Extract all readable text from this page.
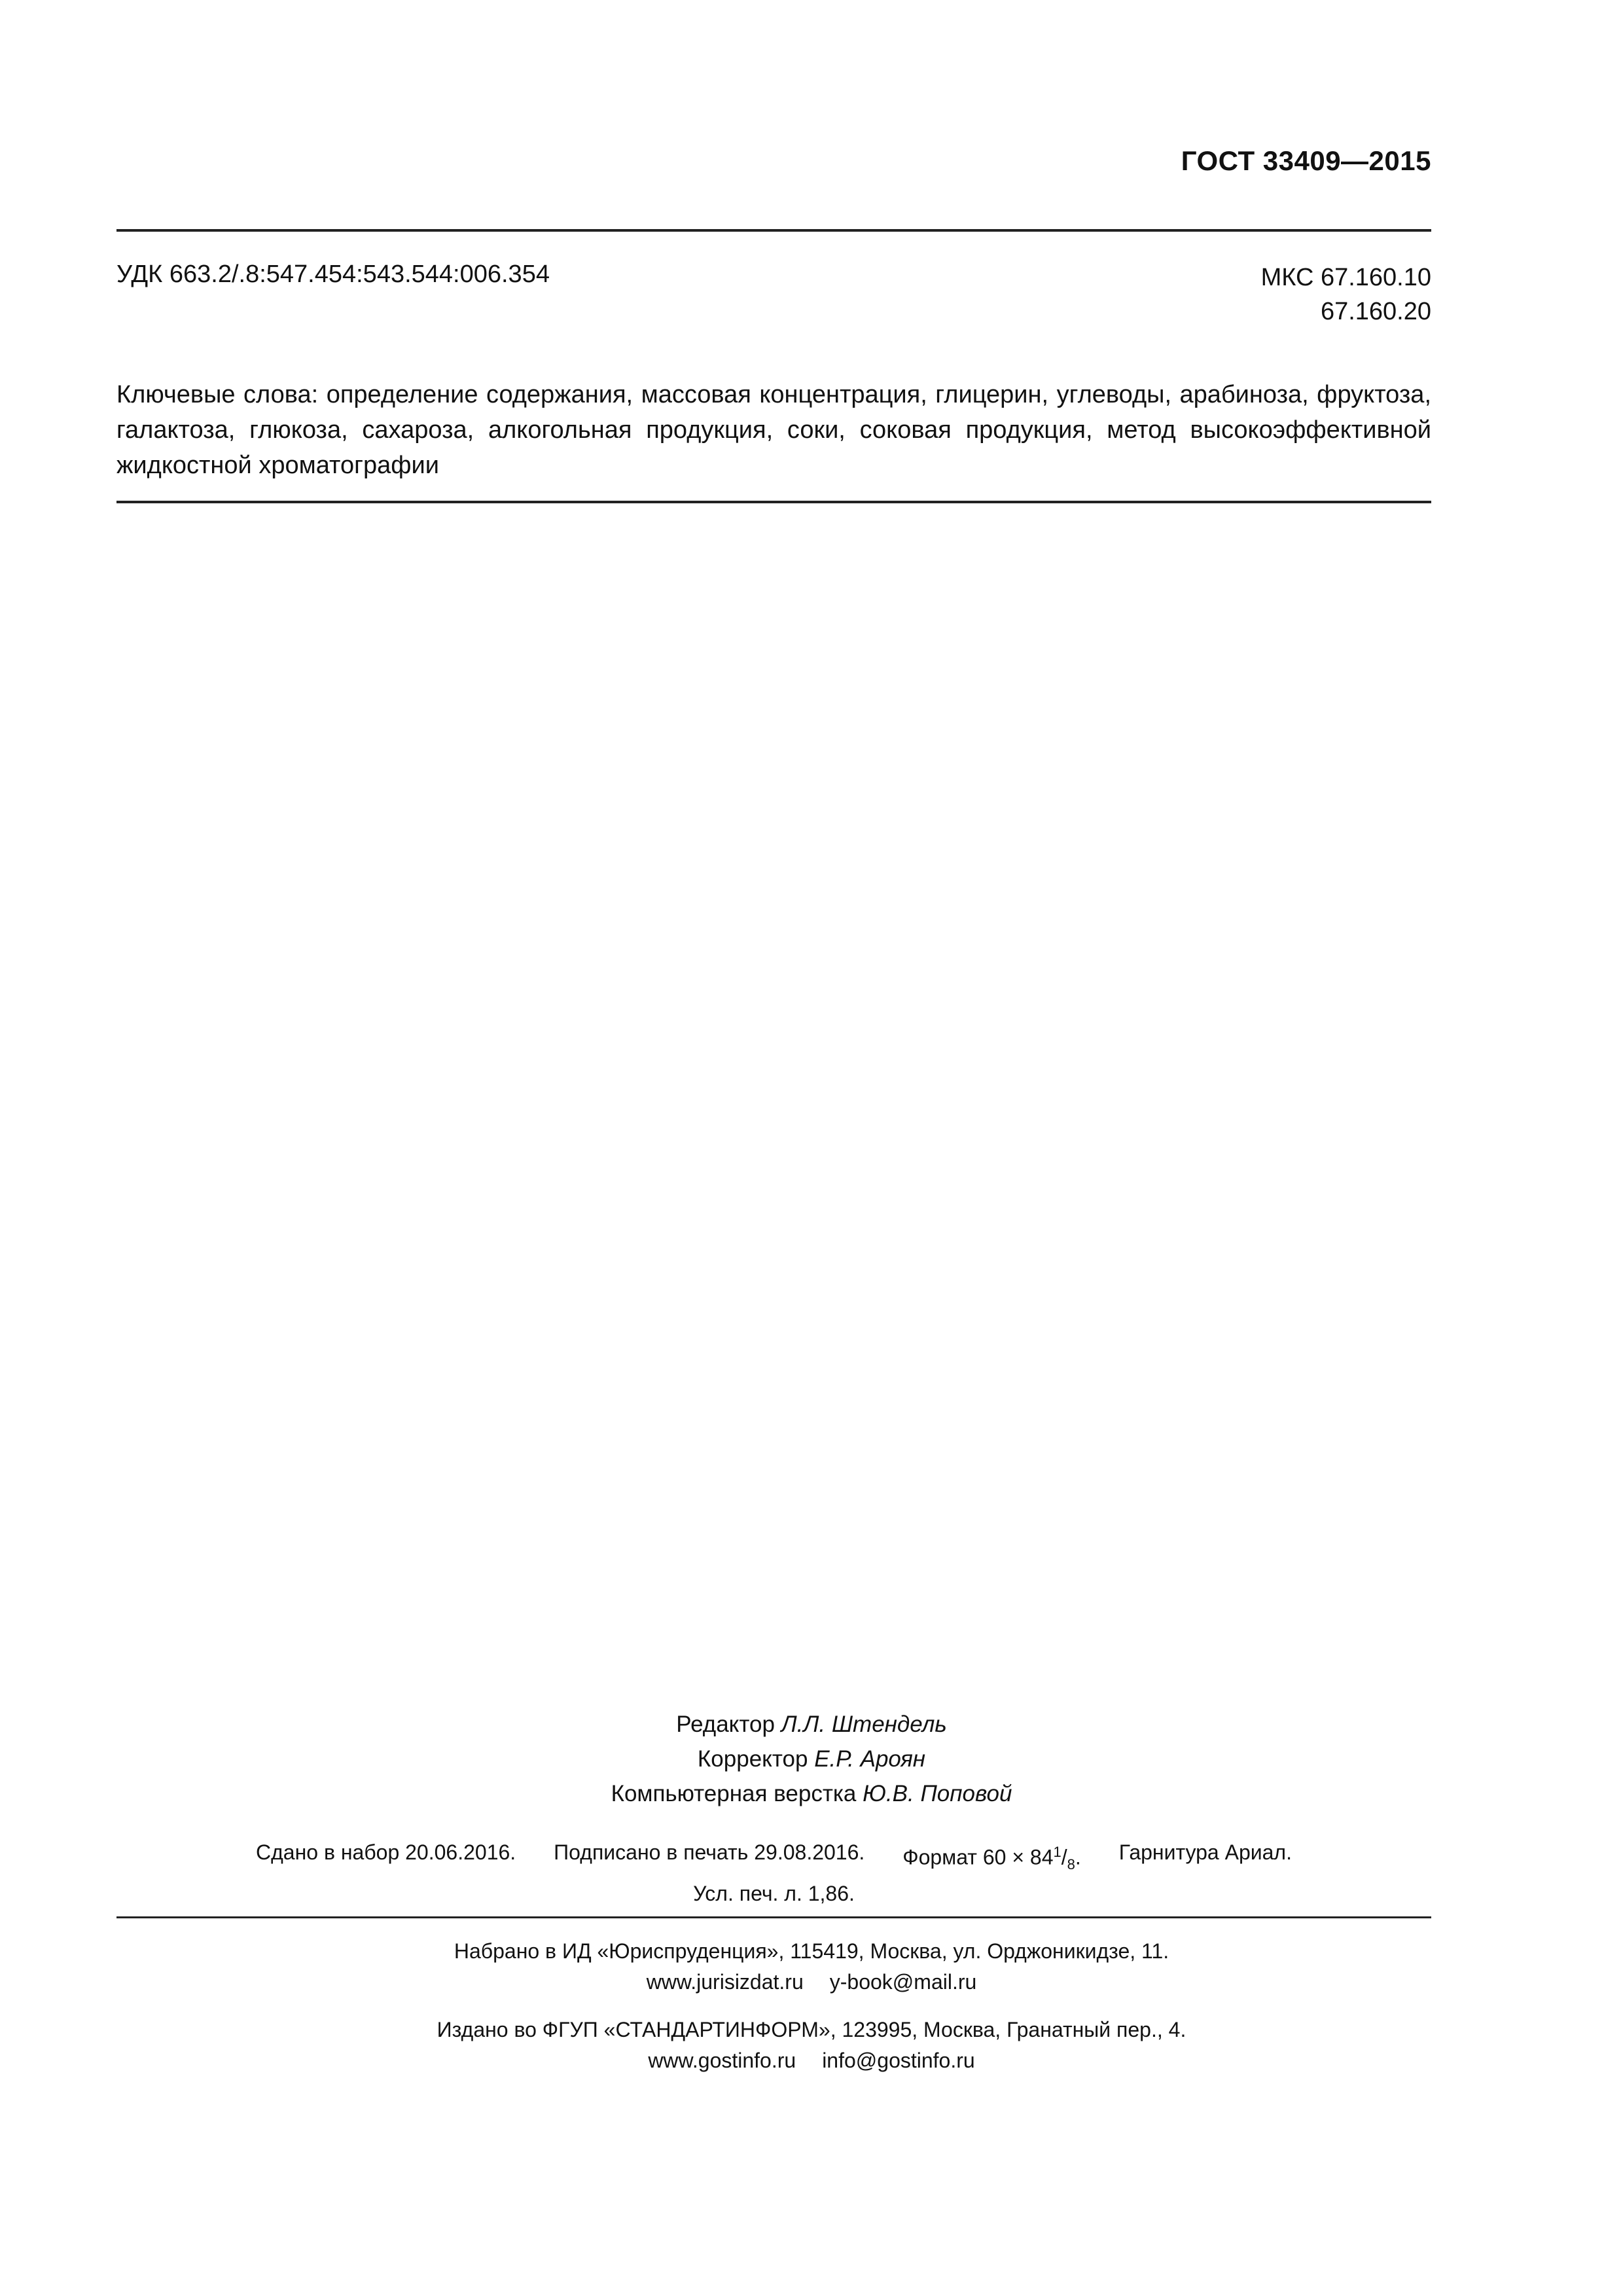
ГОСТ 33409—2015
УДК 663.2/.8:547.454:543.544:006.354	МКС 67.160.10
67.160.20
Ключевые слова: определение содержания, массовая концентрация, глицерин, углеводы, арабиноза, фруктоза, галактоза, глюкоза, сахароза, алкогольная продукция, соки, соковая продукция, метод высокоэффективной жидкостной хроматографии
Редактор Л.Л. Штендель
Корректор Е.Р. Ароян
Компьютерная верстка Ю.В. Поповой
Сдано в набор 20.06.2016. Подписано в печать 29.08.2016. Формат $60 \times 84^1/_8$. Гарнитура Ариал.
Усл. печ. л. 1,86.
Набрано в ИД «Юриспруденция», 115419, Москва, ул. Орджоникидзе, 11.
www.jurisizdat.ru y-book@mail.ru
Издано во ФГУП «СТАНДАРТИНФОРМ», 123995, Москва, Гранатный пер., 4.
www.gostinfo.ru info@gostinfo.ru
